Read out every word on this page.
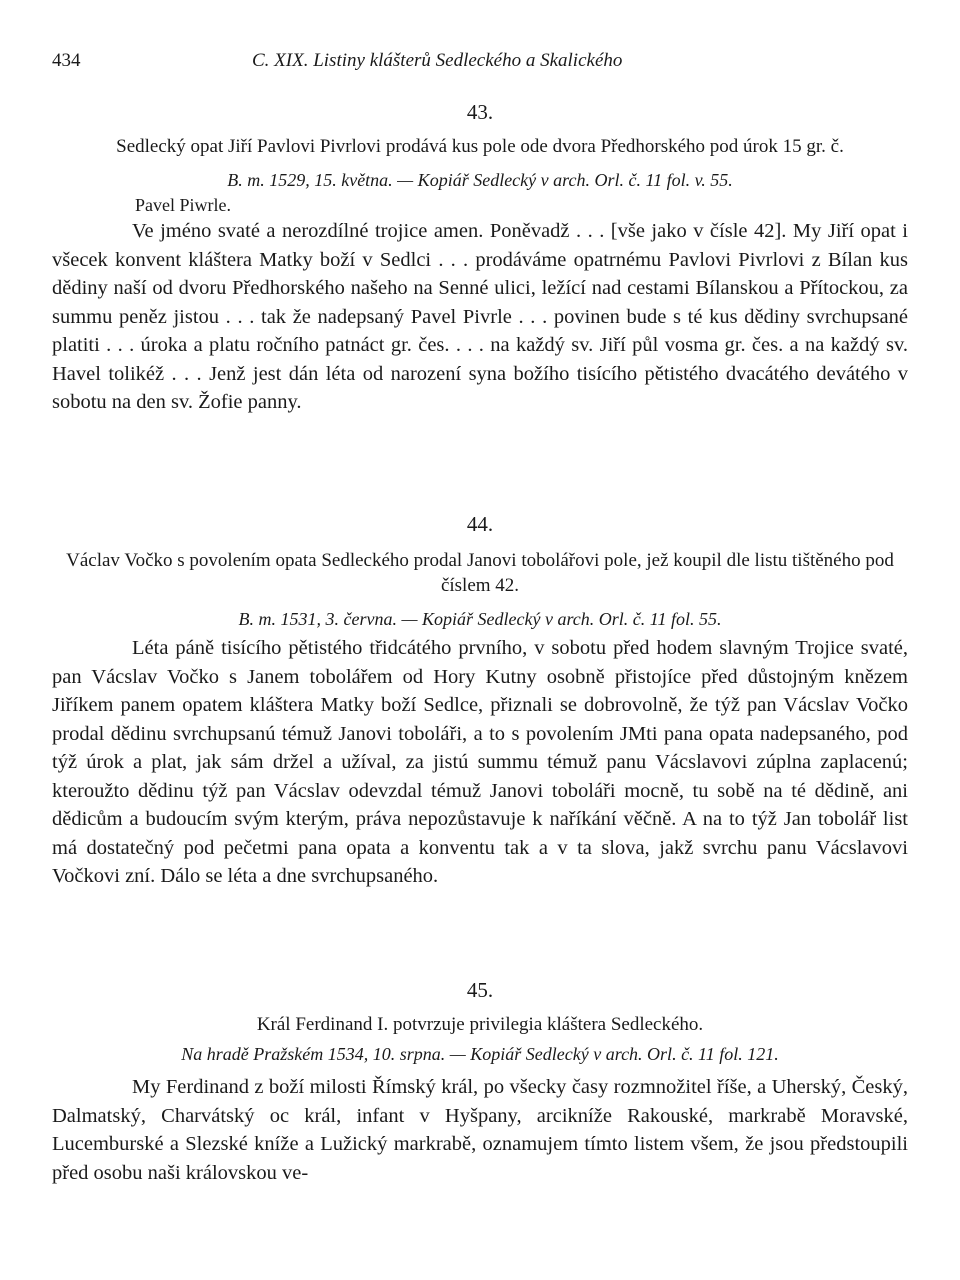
434	C. XIX. Listiny klášterů Sedleckého a Skalického
43.
Sedlecký opat Jiří Pavlovi Pivrlovi prodává kus pole ode dvora Předhorského pod úrok 15 gr. č.
B. m. 1529, 15. května. — Kopiář Sedlecký v arch. Orl. č. 11 fol. v. 55.
Pavel Piwrle.

Ve jméno svaté a nerozdílné trojice amen. Poněvadž . . . [vše jako v čísle 42]. My Jiří opat i všecek konvent kláštera Matky boží v Sedlci . . . prodáváme opatrnému Pavlovi Pivrlovi z Bílan kus dědiny naší od dvoru Předhorského našeho na Senné ulici, ležící nad cestami Bílanskou a Přítockou, za summu peněz jistou . . . tak že nadepsaný Pavel Pivrle . . . povinen bude s té kus dědiny svrchupsané platiti . . . úroka a platu ročního patnáct gr. čes. . . . na každý sv. Jiří půl vosma gr. čes. a na každý sv. Havel tolikéž . . . Jenž jest dán léta od narození syna božího tisícího pětistého dvacátého devátého v sobotu na den sv. Žofie panny.

44.
Václav Vočko s povolením opata Sedleckého prodal Janovi tobolářovi pole, jež koupil dle listu tištěného pod číslem 42.
B. m. 1531, 3. června. — Kopiář Sedlecký v arch. Orl. č. 11 fol. 55.

Léta páně tisícího pětistého třidcátého prvního, v sobotu před hodem slavným Trojice svaté, pan Vácslav Vočko s Janem tobolářem od Hory Kutny osobně přistojíce před důstojným knězem Jiříkem panem opatem kláštera Matky boží Sedlce, přiznali se dobrovolně, že týž pan Vácslav Vočko prodal dědinu svrchupsanú témuž Janovi toboláři, a to s povolením JMti pana opata nadepsaného, pod týž úrok a plat, jak sám držel a užíval, za jistú summu témuž panu Vácslavovi zúplna zaplacenú; kteroužto dědinu týž pan Vácslav odevzdal témuž Janovi toboláři mocně, tu sobě na té dědině, ani dědicům a budoucím svým kterým, práva nepozůstavuje k naříkání věčně. A na to týž Jan tobolář list má dostatečný pod pečetmi pana opata a konventu tak a v ta slova, jakž svrchu panu Vácslavovi Vočkovi zní. Dálo se léta a dne svrchupsaného.

45.
Král Ferdinand I. potvrzuje privilegia kláštera Sedleckého.
Na hradě Pražském 1534, 10. srpna. — Kopiář Sedlecký v arch. Orl. č. 11 fol. 121.

My Ferdinand z boží milosti Římský král, po všecky časy rozmnožitel říše, a Uherský, Český, Dalmatský, Charvátský oc král, infant v Hyšpany, arcikníže Rakouské, markrabě Moravské, Lucemburské a Slezské kníže a Lužický markrabě, oznamujem tímto listem všem, že jsou předstoupili před osobu naši královskou ve-
